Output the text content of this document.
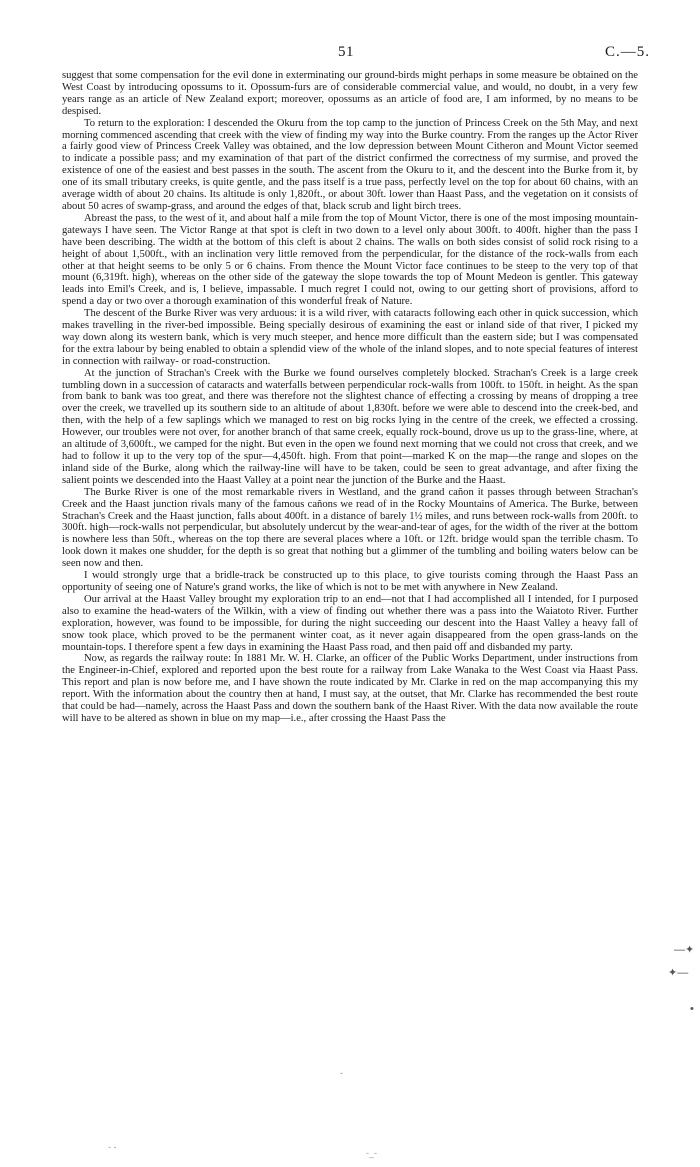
51	C.—5.

suggest that some compensation for the evil done in exterminating our ground-birds might perhaps in some measure be obtained on the West Coast by introducing opossums to it. Opossum-furs are of considerable commercial value, and would, no doubt, in a very few years range as an article of New Zealand export; moreover, opossums as an article of food are, I am informed, by no means to be despised.

To return to the exploration: I descended the Okuru from the top camp to the junction of Princess Creek on the 5th May, and next morning commenced ascending that creek with the view of finding my way into the Burke country. From the ranges up the Actor River a fairly good view of Princess Creek Valley was obtained, and the low depression between Mount Citheron and Mount Victor seemed to indicate a possible pass; and my examination of that part of the district confirmed the correctness of my surmise, and proved the existence of one of the easiest and best passes in the south. The ascent from the Okuru to it, and the descent into the Burke from it, by one of its small tributary creeks, is quite gentle, and the pass itself is a true pass, perfectly level on the top for about 60 chains, with an average width of about 20 chains. Its altitude is only 1,820ft., or about 30ft. lower than Haast Pass, and the vegetation on it consists of about 50 acres of swamp-grass, and around the edges of that, black scrub and light birch trees.

Abreast the pass, to the west of it, and about half a mile from the top of Mount Victor, there is one of the most imposing mountain-gateways I have seen. The Victor Range at that spot is cleft in two down to a level only about 300ft. to 400ft. higher than the pass I have been describing. The width at the bottom of this cleft is about 2 chains. The walls on both sides consist of solid rock rising to a height of about 1,500ft., with an inclination very little removed from the perpendicular, for the distance of the rock-walls from each other at that height seems to be only 5 or 6 chains. From thence the Mount Victor face continues to be steep to the very top of that mount (6,319ft. high), whereas on the other side of the gateway the slope towards the top of Mount Medeon is gentler. This gateway leads into Emil's Creek, and is, I believe, impassable. I much regret I could not, owing to our getting short of provisions, afford to spend a day or two over a thorough examination of this wonderful freak of Nature.

The descent of the Burke River was very arduous: it is a wild river, with cataracts following each other in quick succession, which makes travelling in the river-bed impossible. Being specially desirous of examining the east or inland side of that river, I picked my way down along its western bank, which is very much steeper, and hence more difficult than the eastern side; but I was compensated for the extra labour by being enabled to obtain a splendid view of the whole of the inland slopes, and to note special features of interest in connection with railway- or road-construction.

At the junction of Strachan's Creek with the Burke we found ourselves completely blocked. Strachan's Creek is a large creek tumbling down in a succession of cataracts and waterfalls between perpendicular rock-walls from 100ft. to 150ft. in height. As the span from bank to bank was too great, and there was therefore not the slightest chance of effecting a crossing by means of dropping a tree over the creek, we travelled up its southern side to an altitude of about 1,830ft. before we were able to descend into the creek-bed, and then, with the help of a few saplings which we managed to rest on big rocks lying in the centre of the creek, we effected a crossing. However, our troubles were not over, for another branch of that same creek, equally rock-bound, drove us up to the grass-line, where, at an altitude of 3,600ft., we camped for the night. But even in the open we found next morning that we could not cross that creek, and we had to follow it up to the very top of the spur—4,450ft. high. From that point—marked K on the map—the range and slopes on the inland side of the Burke, along which the railway-line will have to be taken, could be seen to great advantage, and after fixing the salient points we descended into the Haast Valley at a point near the junction of the Burke and the Haast.

The Burke River is one of the most remarkable rivers in Westland, and the grand cañon it passes through between Strachan's Creek and the Haast junction rivals many of the famous cañons we read of in the Rocky Mountains of America. The Burke, between Strachan's Creek and the Haast junction, falls about 400ft. in a distance of barely 1½ miles, and runs between rock-walls from 200ft. to 300ft. high—rock-walls not perpendicular, but absolutely undercut by the wear-and-tear of ages, for the width of the river at the bottom is nowhere less than 50ft., whereas on the top there are several places where a 10ft. or 12ft. bridge would span the terrible chasm. To look down it makes one shudder, for the depth is so great that nothing but a glimmer of the tumbling and boiling waters below can be seen now and then.

I would strongly urge that a bridle-track be constructed up to this place, to give tourists coming through the Haast Pass an opportunity of seeing one of Nature's grand works, the like of which is not to be met with anywhere in New Zealand.

Our arrival at the Haast Valley brought my exploration trip to an end—not that I had accomplished all I intended, for I purposed also to examine the head-waters of the Wilkin, with a view of finding out whether there was a pass into the Waiatoto River. Further exploration, however, was found to be impossible, for during the night succeeding our descent into the Haast Valley a heavy fall of snow took place, which proved to be the permanent winter coat, as it never again disappeared from the open grass-lands on the mountain-tops. I therefore spent a few days in examining the Haast Pass road, and then paid off and disbanded my party.

Now, as regards the railway route: In 1881 Mr. W. H. Clarke, an officer of the Public Works Department, under instructions from the Engineer-in-Chief, explored and reported upon the best route for a railway from Lake Wanaka to the West Coast via Haast Pass. This report and plan is now before me, and I have shown the route indicated by Mr. Clarke in red on the map accompanying this my report. With the information about the country then at hand, I must say, at the outset, that Mr. Clarke has recommended the best route that could be had—namely, across the Haast Pass and down the southern bank of the Haast River. With the data now available the route will have to be altered as shown in blue on my map—i.e., after crossing the Haast Pass the

—✦
✦—
•
-
- -
-_-
